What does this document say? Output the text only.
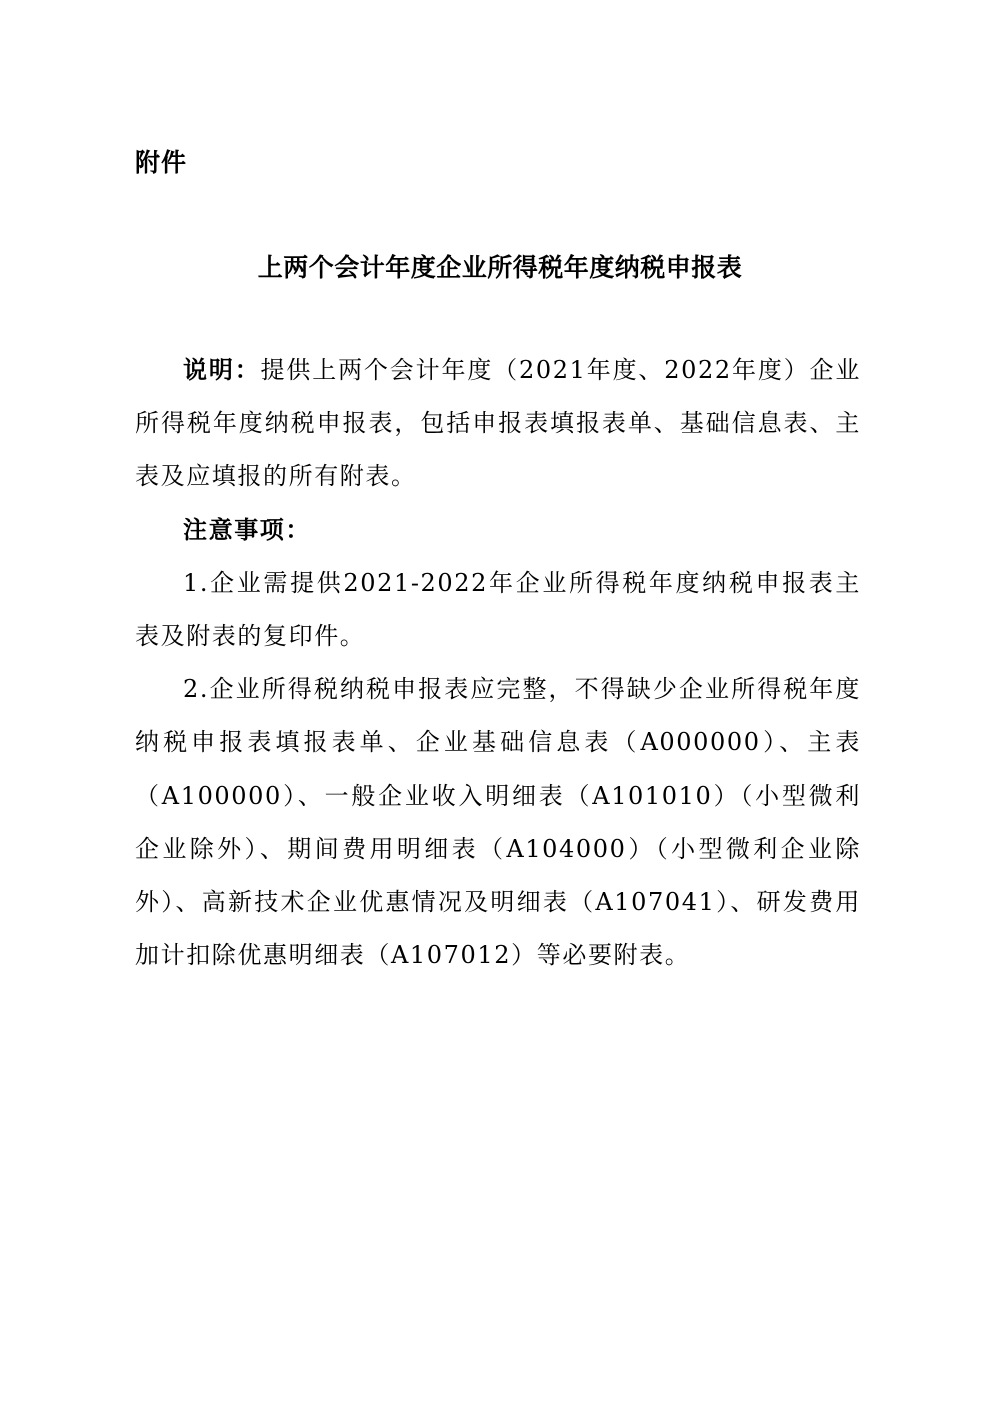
附件
上两个会计年度企业所得税年度纳税申报表

说明：提供上两个会计年度（2021年度、2022年度）企业所得税年度纳税申报表，包括申报表填报表单、基础信息表、主表及应填报的所有附表。

注意事项：

1.企业需提供2021-2022年企业所得税年度纳税申报表主表及附表的复印件。

2.企业所得税纳税申报表应完整，不得缺少企业所得税年度纳税申报表填报表单、企业基础信息表（A000000）、主表（A100000）、一般企业收入明细表（A101010）（小型微利企业除外）、期间费用明细表（A104000）（小型微利企业除外）、高新技术企业优惠情况及明细表（A107041）、研发费用加计扣除优惠明细表（A107012）等必要附表。
